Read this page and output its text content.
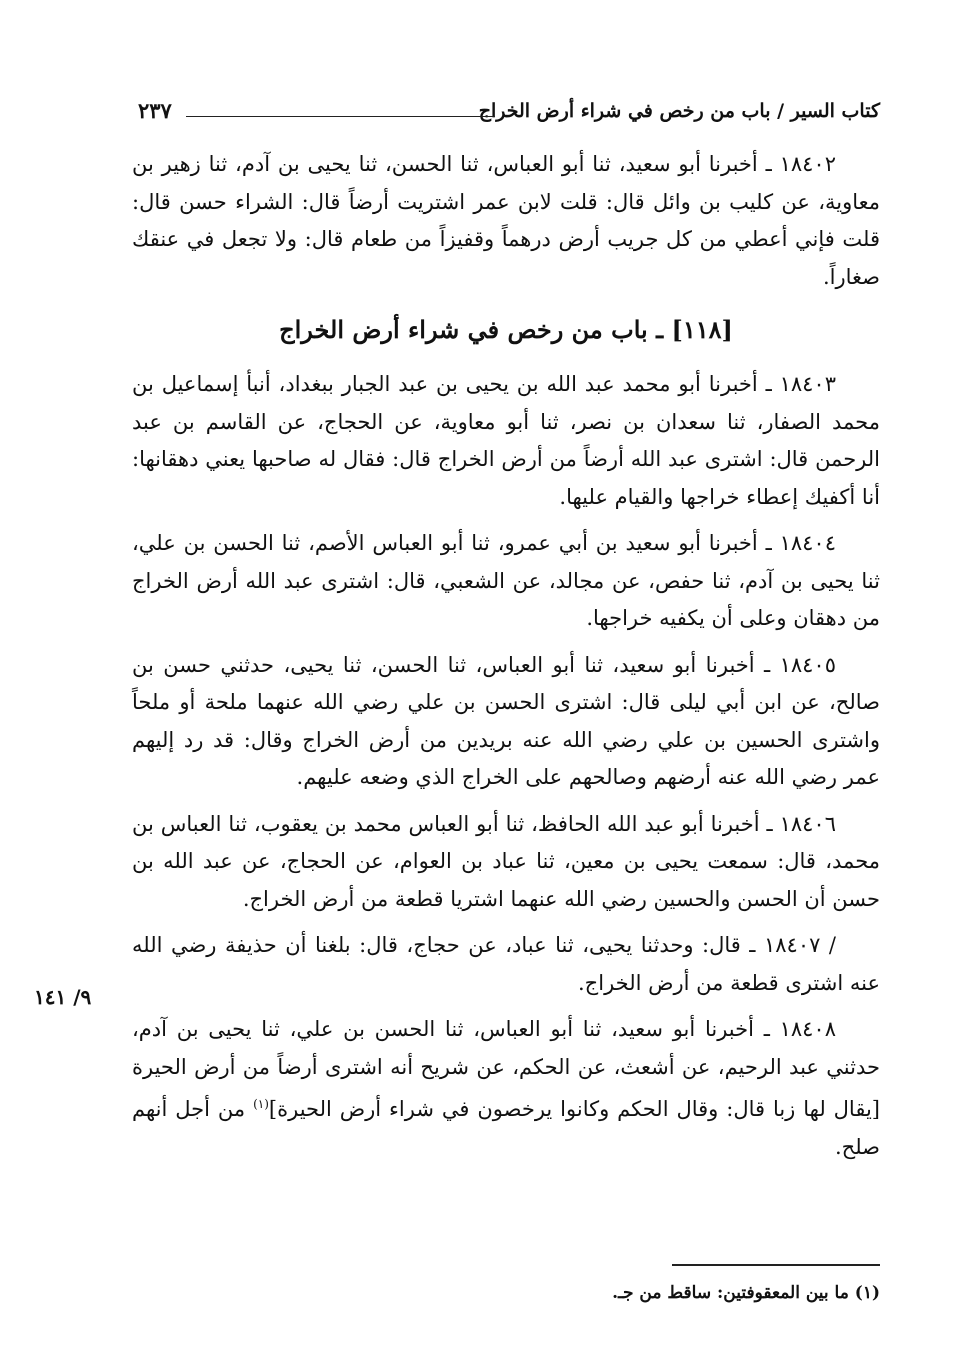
كتاب السير / باب من رخص في شراء أرض الخراج
٢٣٧

١٨٤٠٢ ـ أخبرنا أبو سعيد، ثنا أبو العباس، ثنا الحسن، ثنا يحيى بن آدم، ثنا زهير بن معاوية، عن كليب بن وائل قال: قلت لابن عمر اشتريت أرضاً قال: الشراء حسن قال: قلت فإني أعطي من كل جريب أرض درهماً وقفيزاً من طعام قال: ولا تجعل في عنقك صغاراً.

[١١٨] ـ باب من رخص في شراء أرض الخراج

١٨٤٠٣ ـ أخبرنا أبو محمد عبد الله بن يحيى بن عبد الجبار ببغداد، أنبأ إسماعيل بن محمد الصفار، ثنا سعدان بن نصر، ثنا أبو معاوية، عن الحجاج، عن القاسم بن عبد الرحمن قال: اشترى عبد الله أرضاً من أرض الخراج قال: فقال له صاحبها يعني دهقانها: أنا أكفيك إعطاء خراجها والقيام عليها.

١٨٤٠٤ ـ أخبرنا أبو سعيد بن أبي عمرو، ثنا أبو العباس الأصم، ثنا الحسن بن علي، ثنا يحيى بن آدم، ثنا حفص، عن مجالد، عن الشعبي، قال: اشترى عبد الله أرض الخراج من دهقان وعلى أن يكفيه خراجها.

١٨٤٠٥ ـ أخبرنا أبو سعيد، ثنا أبو العباس، ثنا الحسن، ثنا يحيى، حدثني حسن بن صالح، عن ابن أبي ليلى قال: اشترى الحسن بن علي رضي الله عنهما ملحة أو ملحاً واشترى الحسين بن علي رضي الله عنه بريدين من أرض الخراج وقال: قد رد إليهم عمر رضي الله عنه أرضهم وصالحهم على الخراج الذي وضعه عليهم.

١٨٤٠٦ ـ أخبرنا أبو عبد الله الحافظ، ثنا أبو العباس محمد بن يعقوب، ثنا العباس بن محمد، قال: سمعت يحيى بن معين، ثنا عباد بن العوام، عن الحجاج، عن عبد الله بن حسن أن الحسن والحسين رضي الله عنهما اشتريا قطعة من أرض الخراج.

/ ١٨٤٠٧ ـ قال: وحدثنا يحيى، ثنا عباد، عن حجاج، قال: بلغنا أن حذيفة رضي الله عنه اشترى قطعة من أرض الخراج.

١٨٤٠٨ ـ أخبرنا أبو سعيد، ثنا أبو العباس، ثنا الحسن بن علي، ثنا يحيى بن آدم، حدثني عبد الرحيم، عن أشعث، عن الحكم، عن شريح أنه اشترى أرضاً من أرض الحيرة [يقال لها زبا قال: وقال الحكم وكانوا يرخصون في شراء أرض الحيرة]$^{(١)}$ من أجل أنهم صلح.

٩/ ١٤١
(١) ما بين المعقوفتين: ساقط من جـ.
